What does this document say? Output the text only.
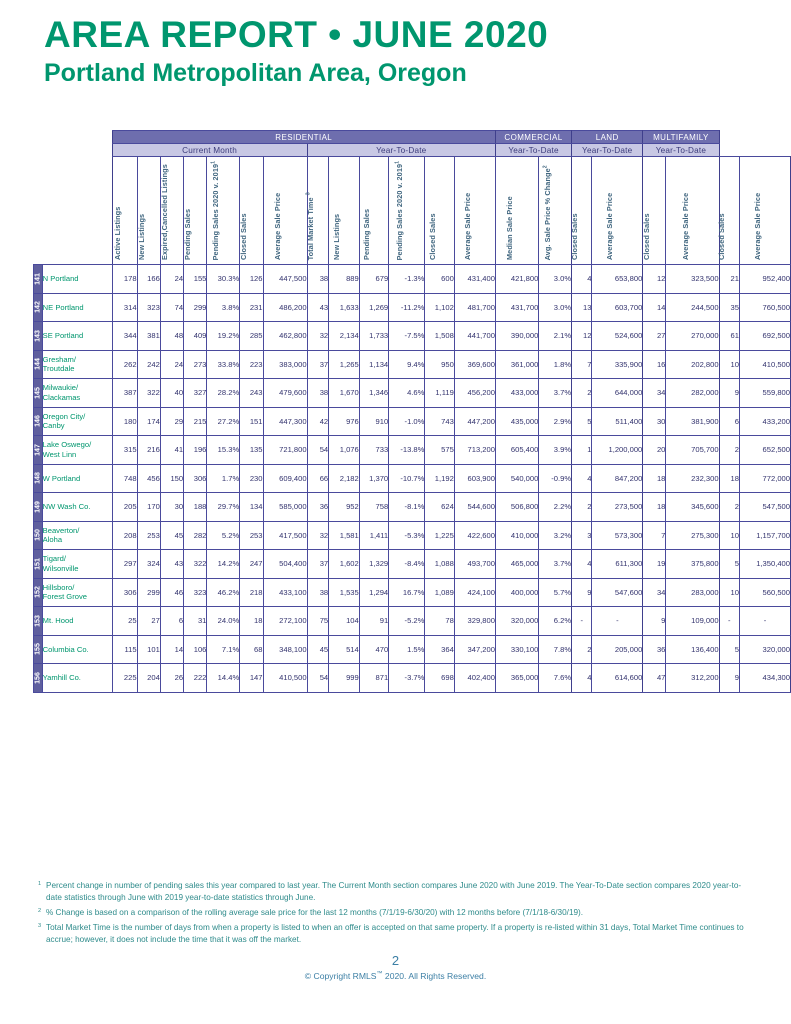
AREA REPORT • JUNE 2020
Portland Metropolitan Area, Oregon
		RESIDENTIAL													COMMERCIAL		LAND		MULTIFAMILY			
		Current Month							Year-To-Date						Year-To-Date		Year-To-Date		Year-To-Date			

		Active Listings	New Listings	Expired,Cancelled Listings	Pending Sales	Pending Sales 2020 v. 2019$^1$	Closed Sales	Average Sale Price	Total Market Time $^3$	New Listings	Pending Sales	Pending Sales 2020 v. 2019$^1$	Closed Sales	Average Sale Price	Median Sale Price	Avg. Sale Price % Change$^2$	Closed Sales	Average Sale Price	Closed Sales	Average Sale Price	Closed Sales	Average Sale Price

141	N Portland	178	166	24	155	30.3%	126	447,500	38	889	679	-1.3%	600	431,400	421,800	3.0%	4	653,800	12	323,500	21	952,400

142	NE Portland	314	323	74	299	3.8%	231	486,200	43	1,633	1,269	-11.2%	1,102	481,700	431,700	3.0%	13	603,700	14	244,500	35	760,500

143	SE Portland	344	381	48	409	19.2%	285	462,800	32	2,134	1,733	-7.5%	1,508	441,700	390,000	2.1%	12	524,600	27	270,000	61	692,500

144	Gresham/
Troutdale	262	242	24	273	33.8%	223	383,000	37	1,265	1,134	9.4%	950	369,600	361,000	1.8%	7	335,900	16	202,800	10	410,500

145	Milwaukie/
Clackamas	387	322	40	327	28.2%	243	479,600	38	1,670	1,346	4.6%	1,119	456,200	433,000	3.7%	2	644,000	34	282,000	9	559,800

146	Oregon City/
Canby	180	174	29	215	27.2%	151	447,300	42	976	910	-1.0%	743	447,200	435,000	2.9%	5	511,400	30	381,900	6	433,200

147	Lake Oswego/
West Linn	315	216	41	196	15.3%	135	721,800	54	1,076	733	-13.8%	575	713,200	605,400	3.9%	1	1,200,000	20	705,700	2	652,500

148	W Portland	748	456	150	306	1.7%	230	609,400	66	2,182	1,370	-10.7%	1,192	603,900	540,000	-0.9%	4	847,200	18	232,300	18	772,000

149	NW Wash Co.	205	170	30	188	29.7%	134	585,000	36	952	758	-8.1%	624	544,600	506,800	2.2%	2	273,500	18	345,600	2	547,500

150	Beaverton/
Aloha	208	253	45	282	5.2%	253	417,500	32	1,581	1,411	-5.3%	1,225	422,600	410,000	3.2%	3	573,300	7	275,300	10	1,157,700

151	Tigard/
Wilsonville	297	324	43	322	14.2%	247	504,400	37	1,602	1,329	-8.4%	1,088	493,700	465,000	3.7%	4	611,300	19	375,800	5	1,350,400

152	Hillsboro/
Forest Grove	306	299	46	323	46.2%	218	433,100	38	1,535	1,294	16.7%	1,089	424,100	400,000	5.7%	9	547,600	34	283,000	10	560,500

153	Mt. Hood	25	27	6	31	24.0%	18	272,100	75	104	91	-5.2%	78	329,800	320,000	6.2%	-	-	9	109,000	-	-

155	Columbia Co.	115	101	14	106	7.1%	68	348,100	45	514	470	1.5%	364	347,200	330,100	7.8%	2	205,000	36	136,400	5	320,000

156	Yamhill Co.	225	204	26	222	14.4%	147	410,500	54	999	871	-3.7%	698	402,400	365,000	7.6%	4	614,600	47	312,200	9	434,300
1 Percent change in number of pending sales this year compared to last year. The Current Month section compares June 2020 with June 2019. The Year-To-Date section compares 2020 year-to-date statistics through June with 2019 year-to-date statistics through June.
2 % Change is based on a comparison of the rolling average sale price for the last 12 months (7/1/19-6/30/20) with 12 months before (7/1/18-6/30/19).
3 Total Market Time is the number of days from when a property is listed to when an offer is accepted on that same property. If a property is re-listed within 31 days, Total Market Time continues to accrue; however, it does not include the time that it was off the market.
2
© Copyright RMLS™ 2020. All Rights Reserved.
